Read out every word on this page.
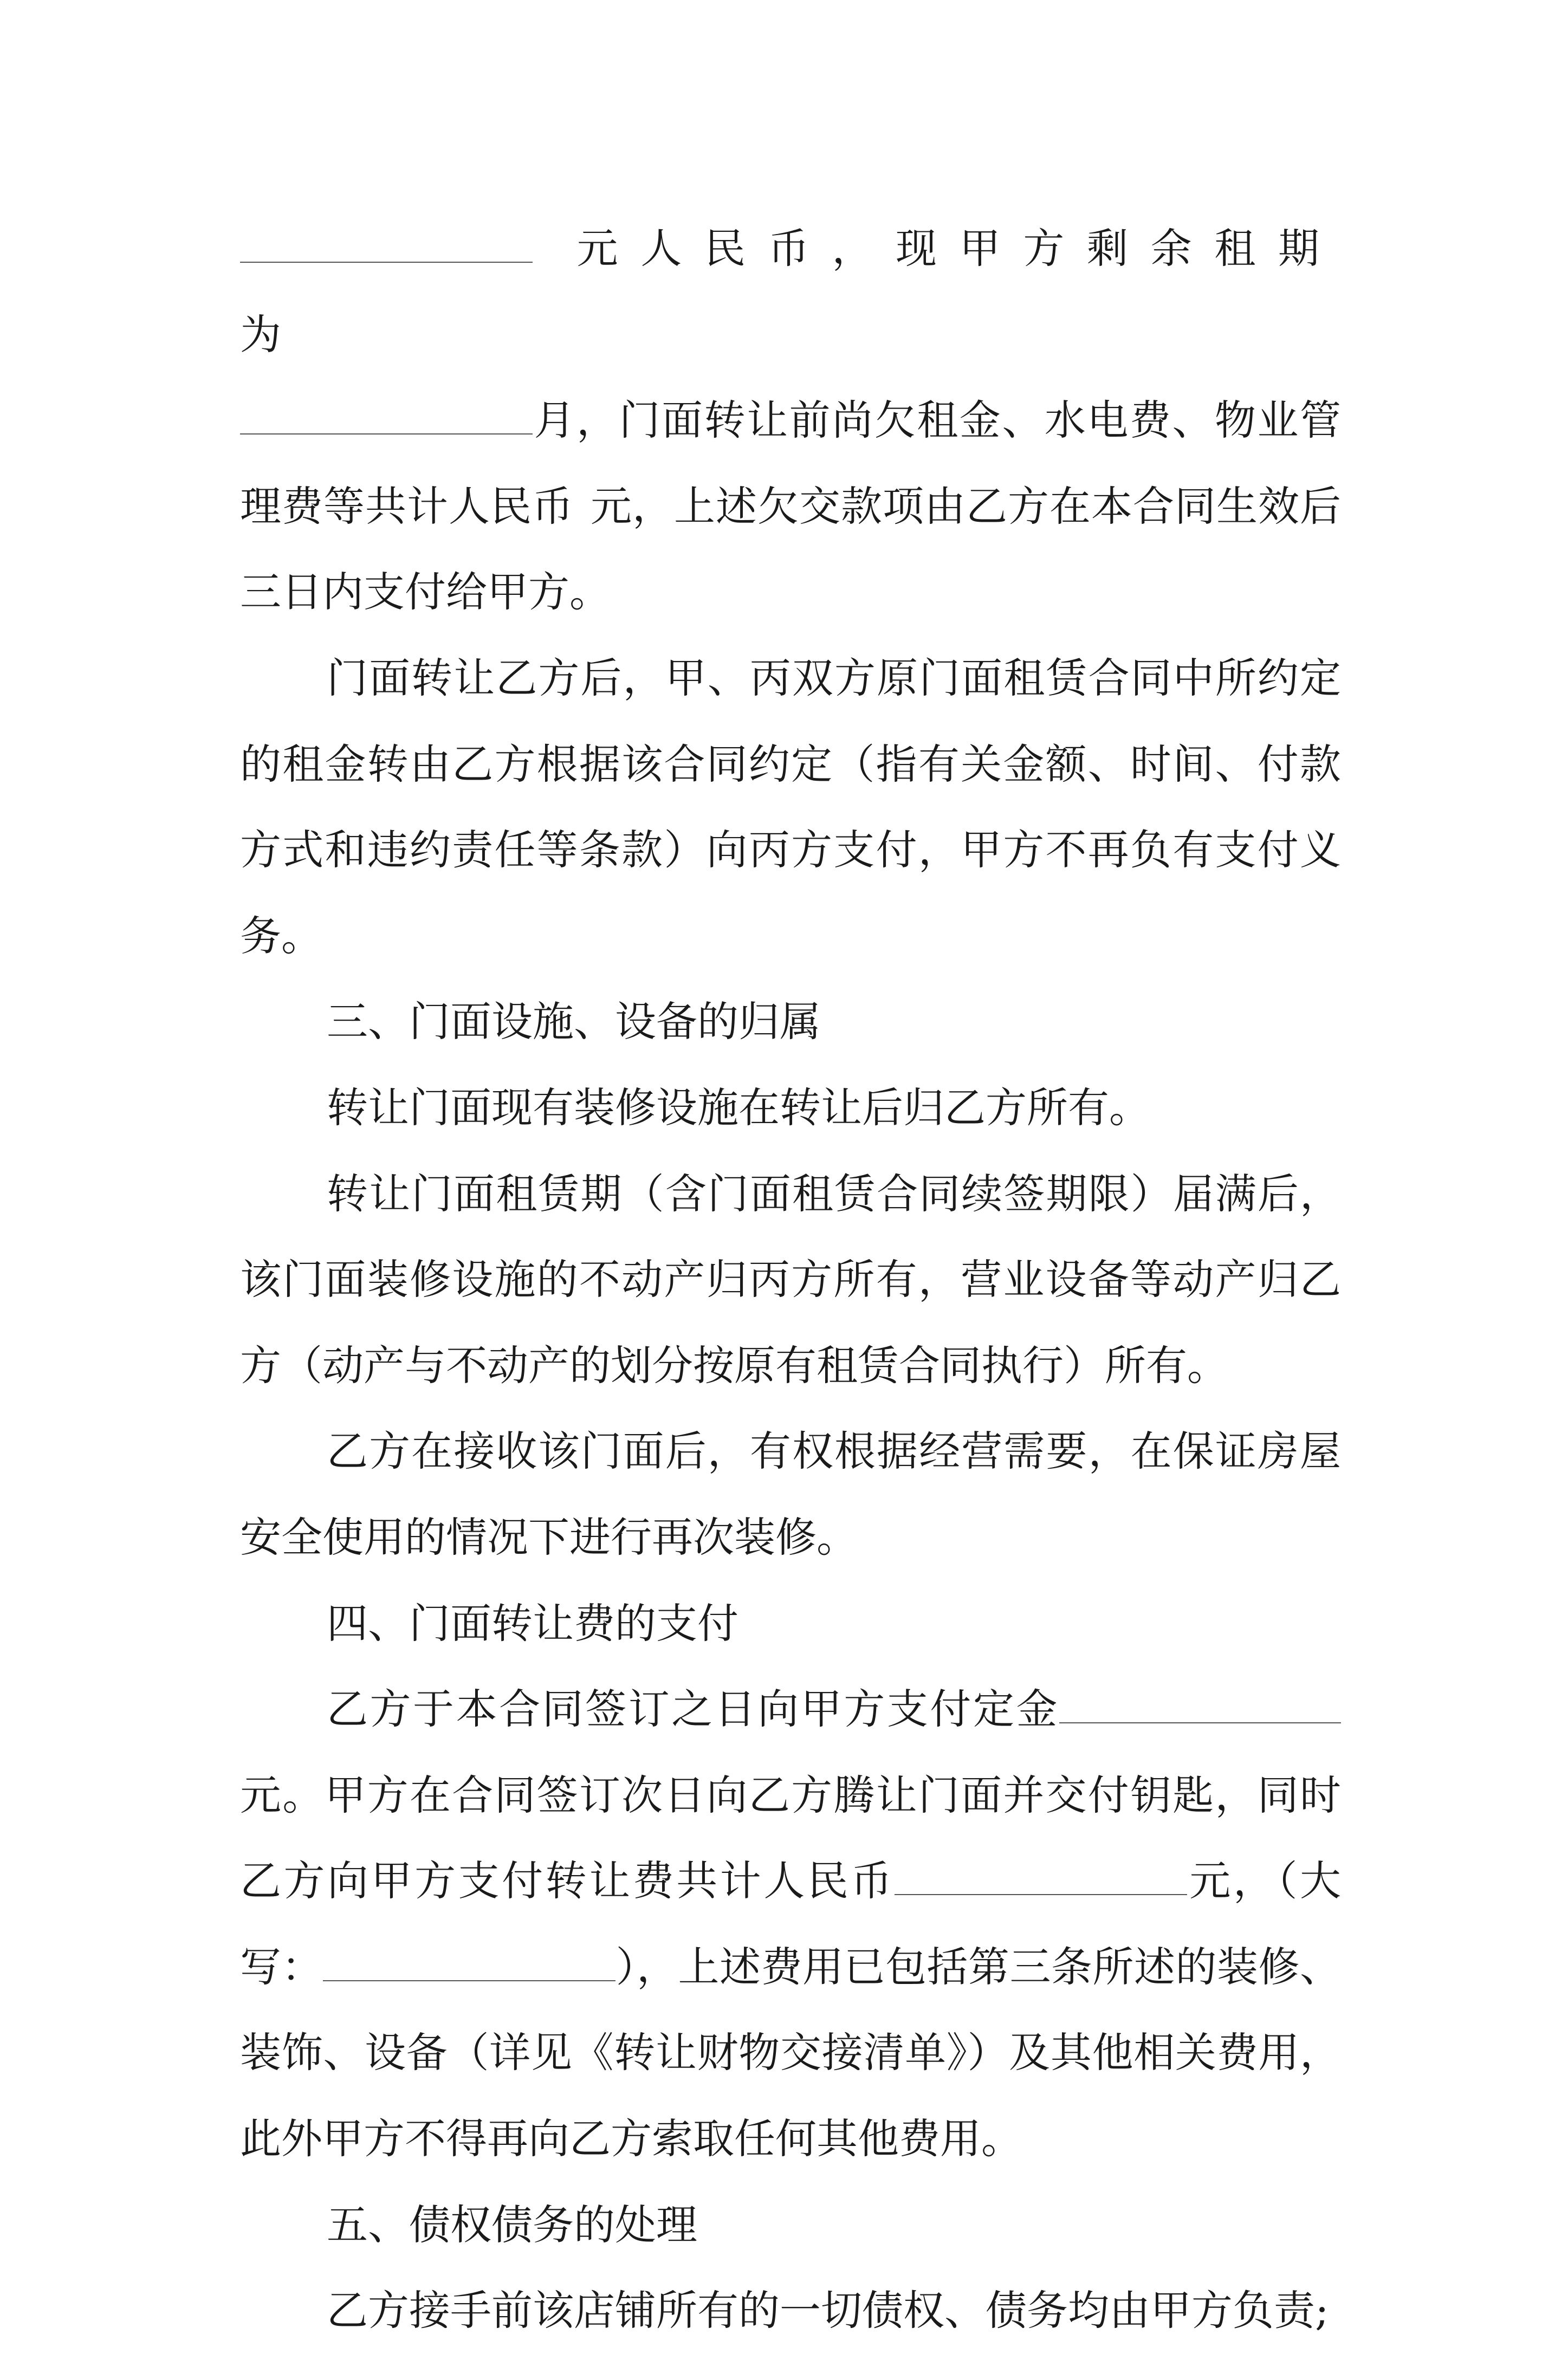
元人民币，现甲方剩余租期为
月，门面转让前尚欠租金、水电费、物业管理费等共计人民币 元，上述欠交款项由乙方在本合同生效后三日内支付给甲方。

门面转让乙方后，甲、丙双方原门面租赁合同中所约定的租金转由乙方根据该合同约定（指有关金额、时间、付款方式和违约责任等条款）向丙方支付，甲方不再负有支付义务。

三、门面设施、设备的归属

转让门面现有装修设施在转让后归乙方所有。

转让门面租赁期（含门面租赁合同续签期限）届满后，该门面装修设施的不动产归丙方所有，营业设备等动产归乙方（动产与不动产的划分按原有租赁合同执行）所有。

乙方在接收该门面后，有权根据经营需要，在保证房屋安全使用的情况下进行再次装修。

四、门面转让费的支付

乙方于本合同签订之日向甲方支付定金元。甲方在合同签订次日向乙方腾让门面并交付钥匙，同时乙方向甲方支付转让费共计人民币	元，（大写：	），上述费用已包括第三条所述的装修、装饰、设备（详见《转让财物交接清单》）及其他相关费用，此外甲方不得再向乙方索取任何其他费用。

五、债权债务的处理

乙方接手前该店铺所有的一切债权、债务均由甲方负责;
